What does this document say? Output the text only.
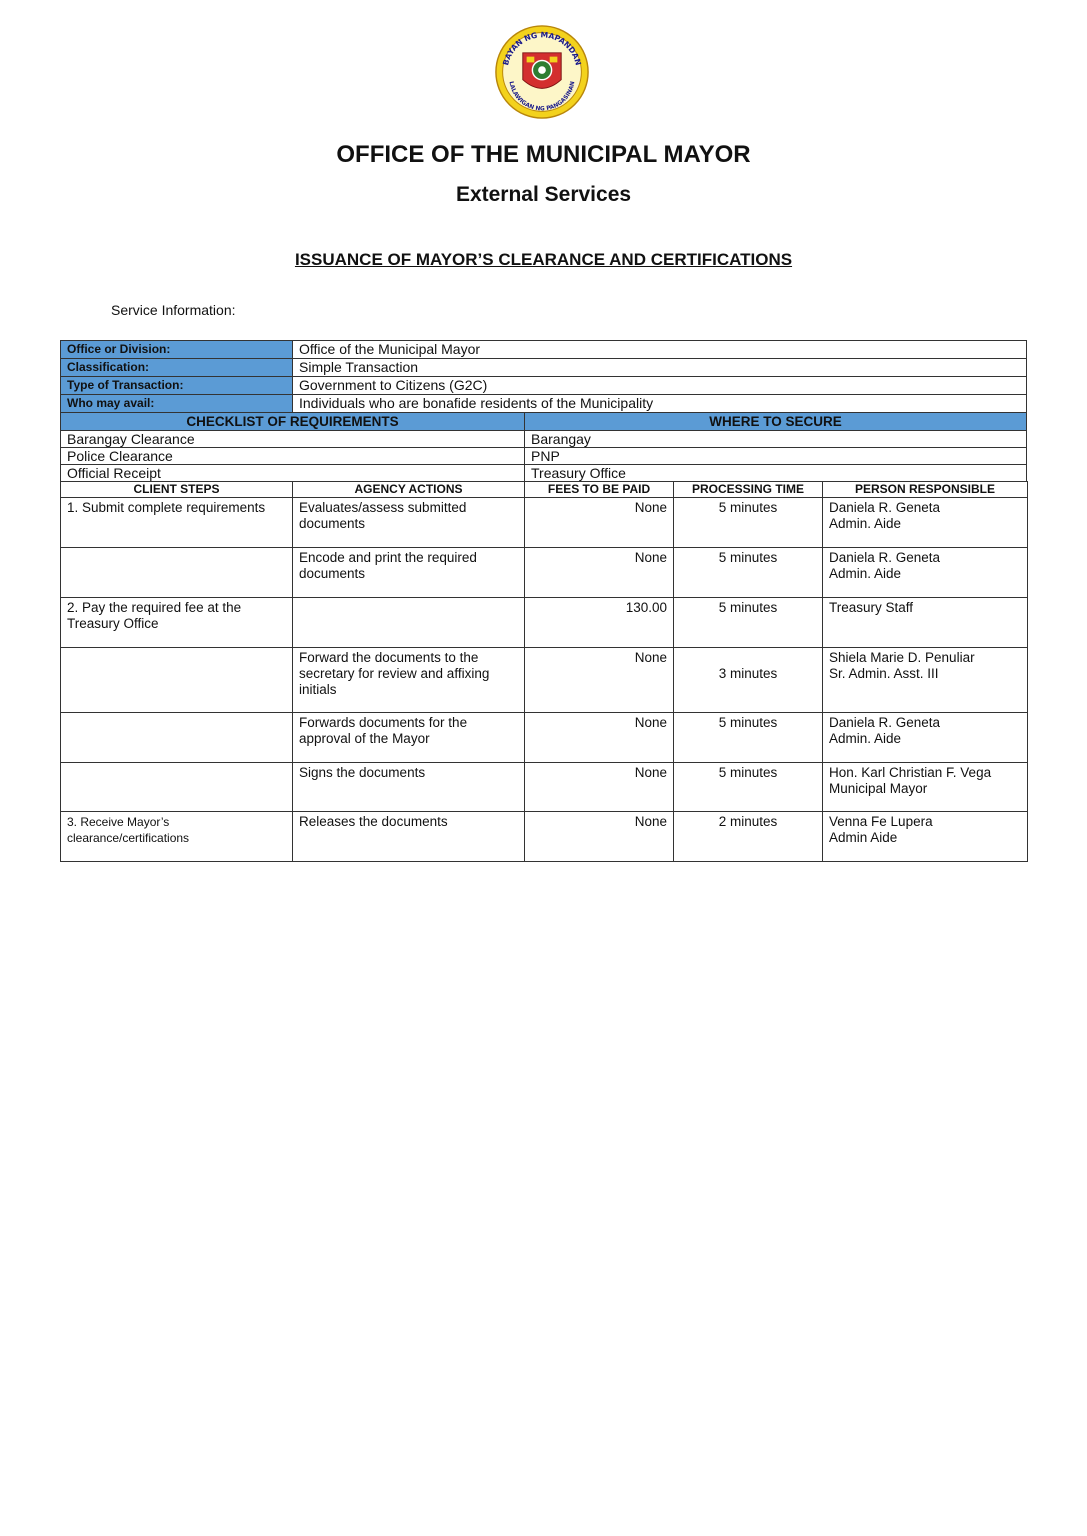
BAYAN NG MAPANDAN
LALAWIGAN NG PANGASINAN
OFFICE OF THE MUNICIPAL MAYOR
External Services
ISSUANCE OF MAYOR’S CLEARANCE AND CERTIFICATIONS
Service Information:
Office or Division:	Office of the Municipal Mayor	
Classification:	Simple Transaction	
Type of Transaction:	Government to Citizens (G2C)	
Who may avail:	Individuals who are bonafide residents of the Municipality	
CHECKLIST OF REQUIREMENTS		WHERE TO SECURE
Barangay Clearance		Barangay
Police Clearance		PNP
Official Receipt		Treasury Office
CLIENT STEPS	AGENCY ACTIONS	FEES TO BE PAID	PROCESSING TIME	PERSON RESPONSIBLE
1. Submit complete requirements	Evaluates/assess submitted documents	None	5 minutes	Daniela R. Geneta
Admin. Aide

	Encode and print the required documents	None	5 minutes	Daniela R. Geneta
Admin. Aide

2. Pay the required fee at the Treasury Office		130.00	5 minutes	Treasury Staff

	Forward the documents to the secretary for review and affixing initials	None	3 minutes	Shiela Marie D. Penuliar
Sr. Admin. Asst. III

	Forwards documents for the approval of the Mayor	None	5 minutes	Daniela R. Geneta
Admin. Aide

	Signs the documents	None	5 minutes	Hon. Karl Christian F. Vega
Municipal Mayor

3. Receive Mayor’s clearance/certifications	Releases the documents	None	2 minutes	Venna Fe Lupera
Admin Aide
